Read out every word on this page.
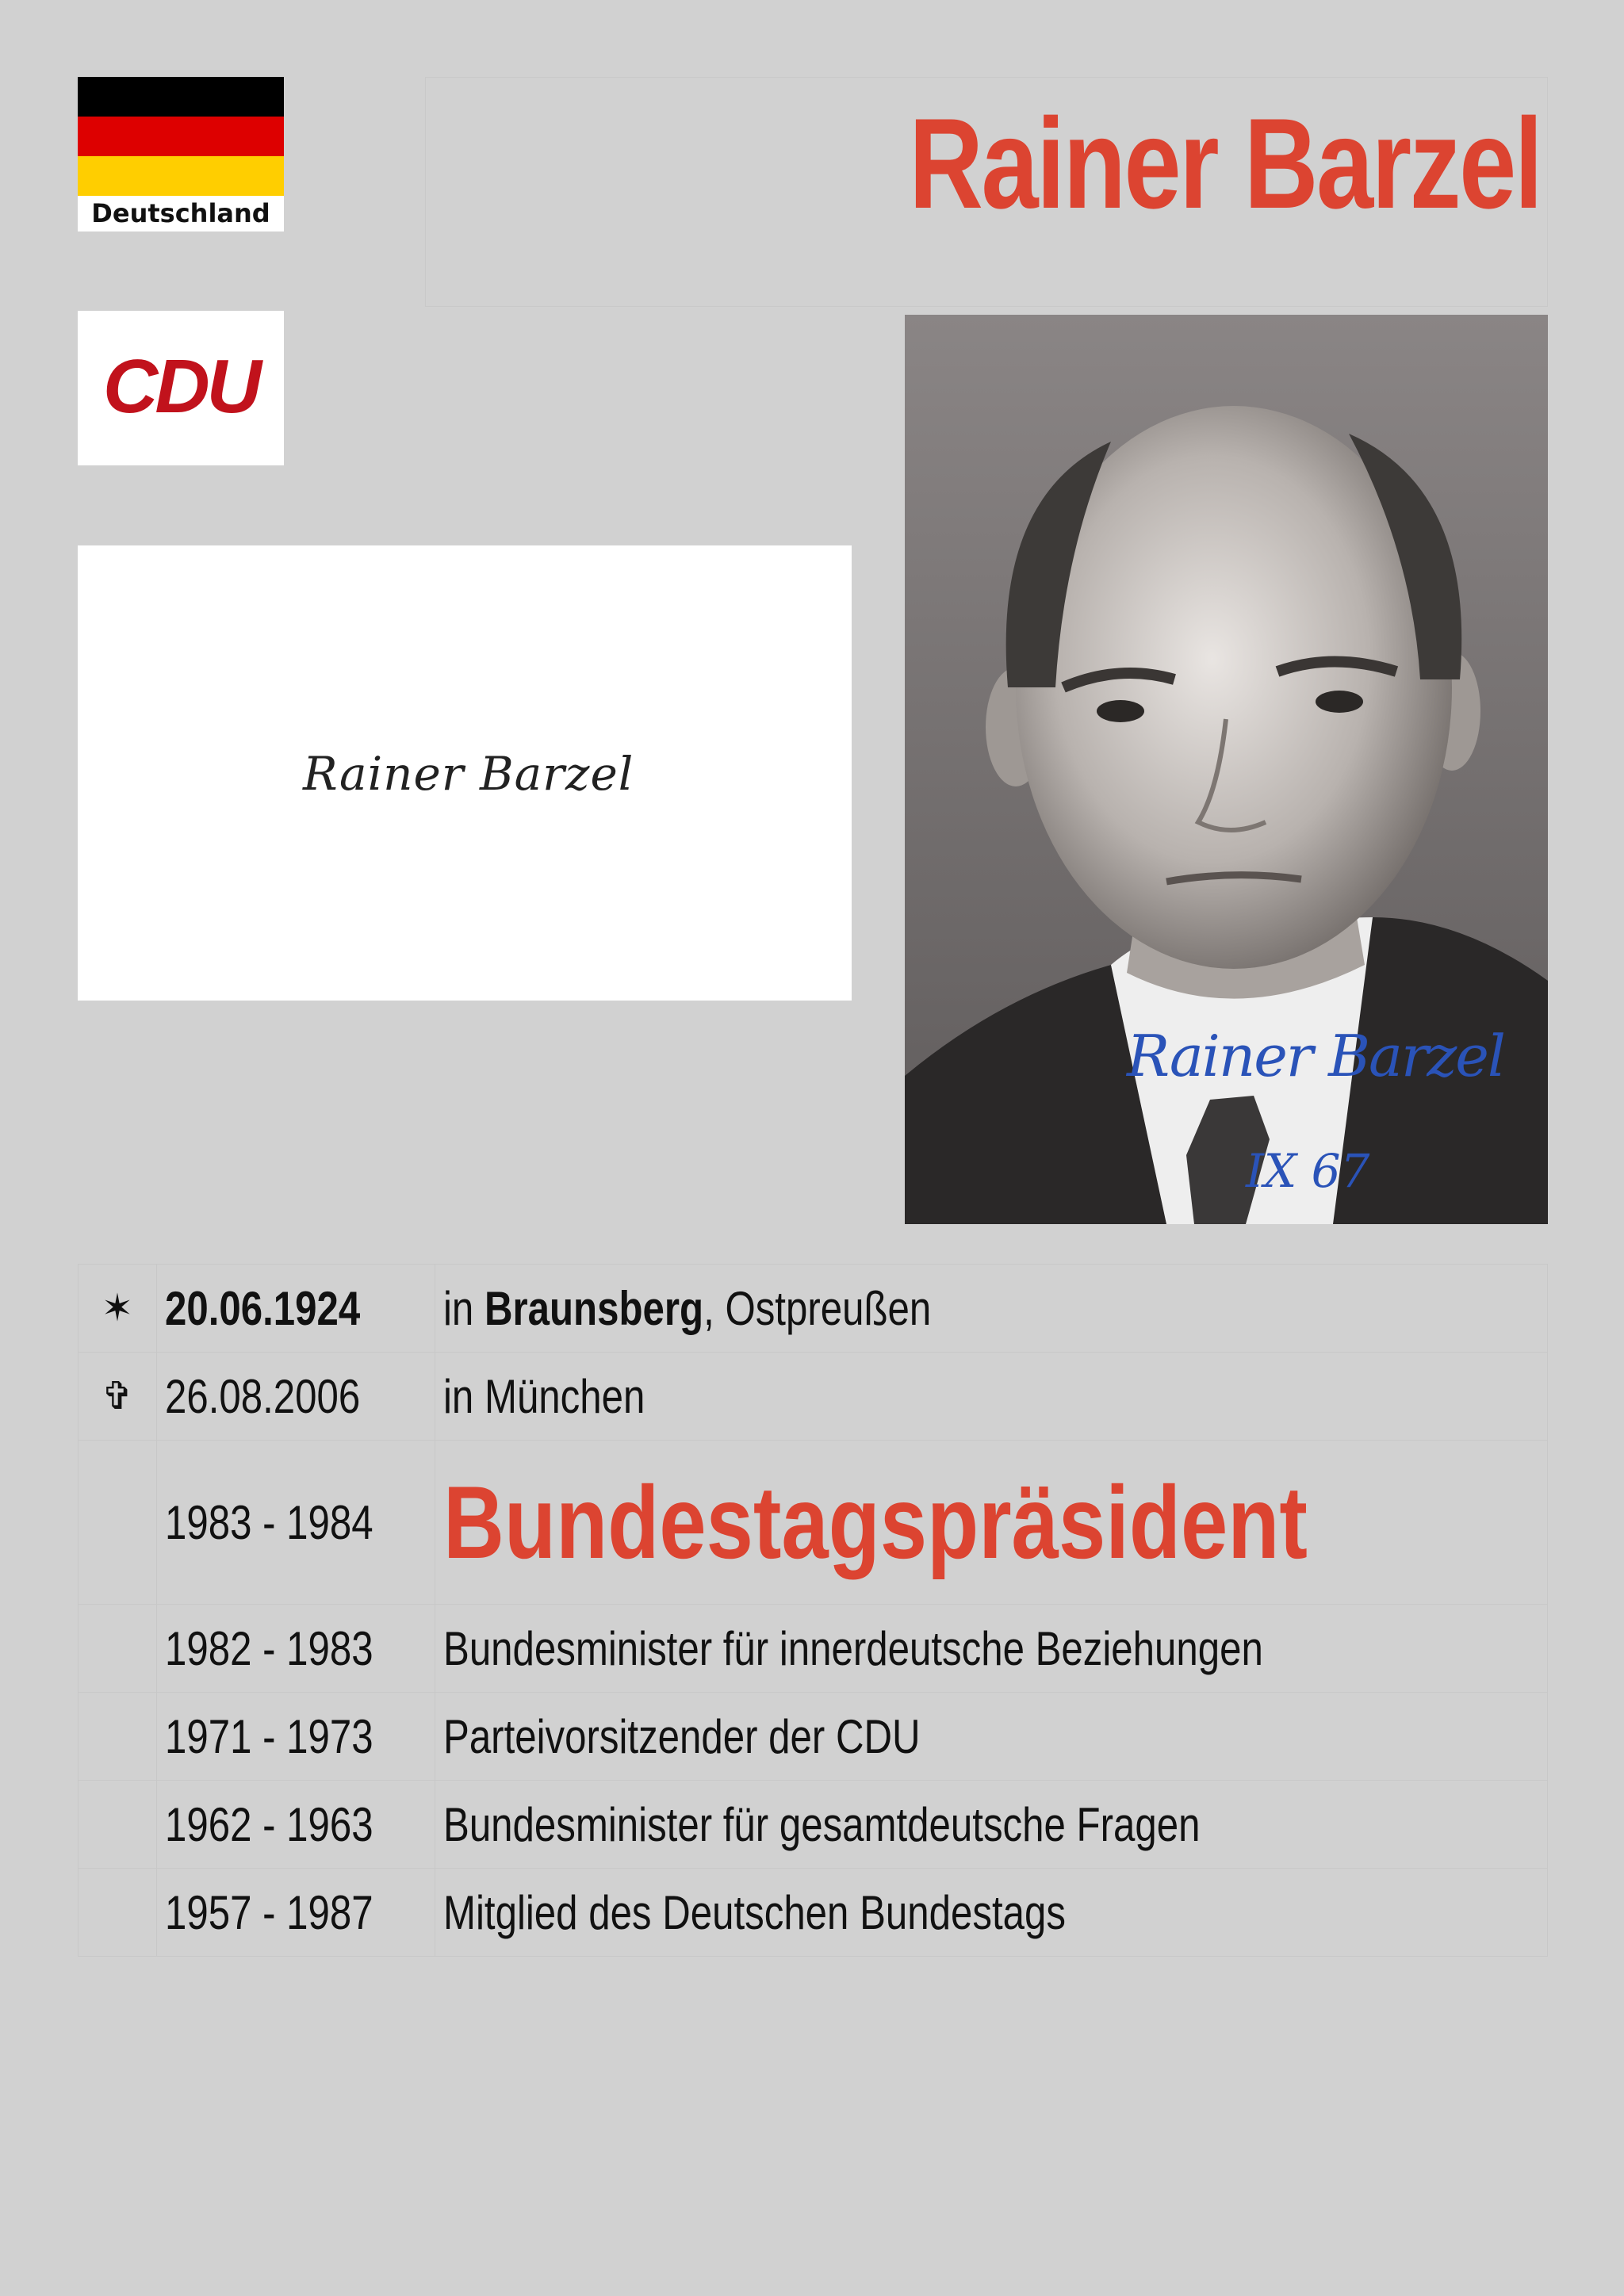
Deutschland
CDU
Rainer Barzel
Rainer Barzel
Rainer Barzel
IX 67
✶	20.06.1924	in Braunsberg, Ostpreußen
✞	26.08.2006	in München
	1983 - 1984	Bundestagspräsident
	1982 - 1983	Bundesminister für innerdeutsche Beziehungen
	1971 - 1973	Parteivorsitzender der CDU
	1962 - 1963	Bundesminister für gesamtdeutsche Fragen
	1957 - 1987	Mitglied des Deutschen Bundestags
